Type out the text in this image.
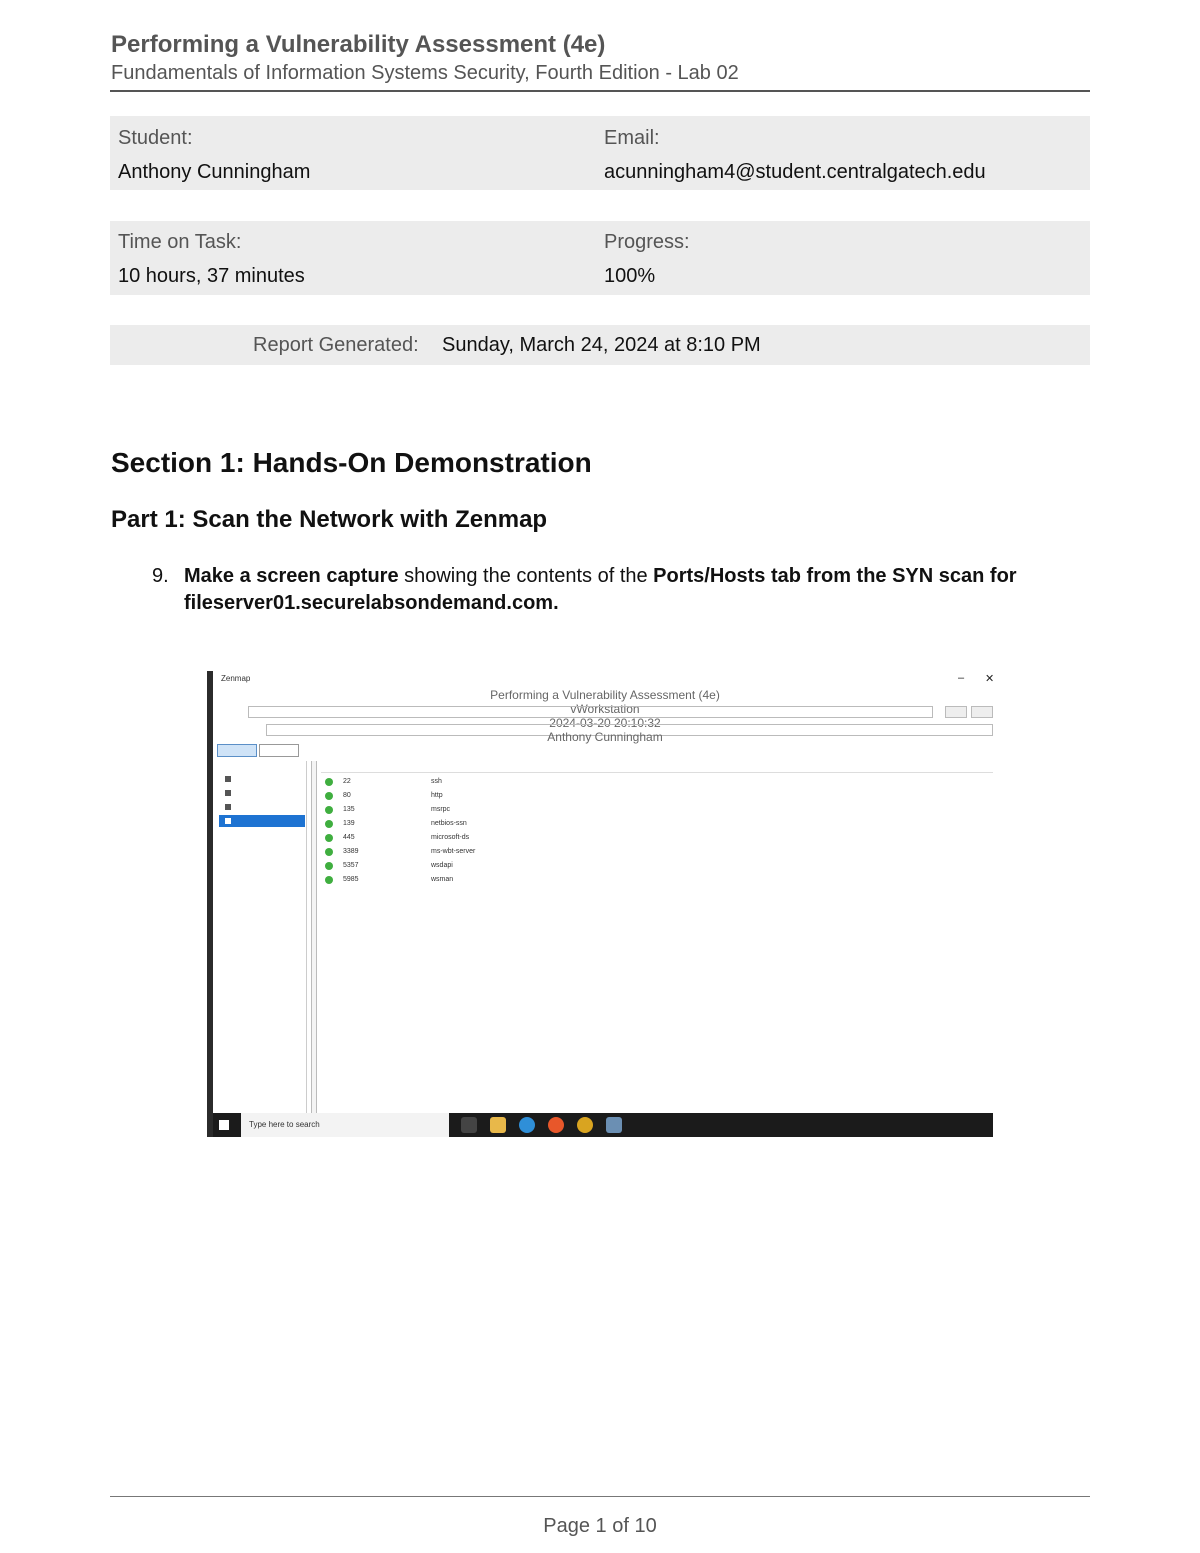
Performing a Vulnerability Assessment (4e)
Fundamentals of Information Systems Security, Fourth Edition - Lab 02
Student:
Anthony Cunningham
Email:
acunningham4@student.centralgatech.edu
Time on Task:
10 hours, 37 minutes
Progress:
100%
Report Generated: Sunday, March 24, 2024 at 8:10 PM
Section 1: Hands-On Demonstration
Part 1: Scan the Network with Zenmap
9. Make a screen capture showing the contents of the Ports/Hosts tab from the SYN scan for fileserver01.securelabsondemand.com.
Zenmap	– ✕
Performing a Vulnerability Assessment (4e)
vWorkstation
2024-03-20 20:10:32
Anthony Cunningham
22	ssh
80	http
135	msrpc
139	netbios-ssn
445	microsoft-ds
3389	ms-wbt-server
5357	wsdapi
5985	wsman
Type here to search
Page 1 of 10
